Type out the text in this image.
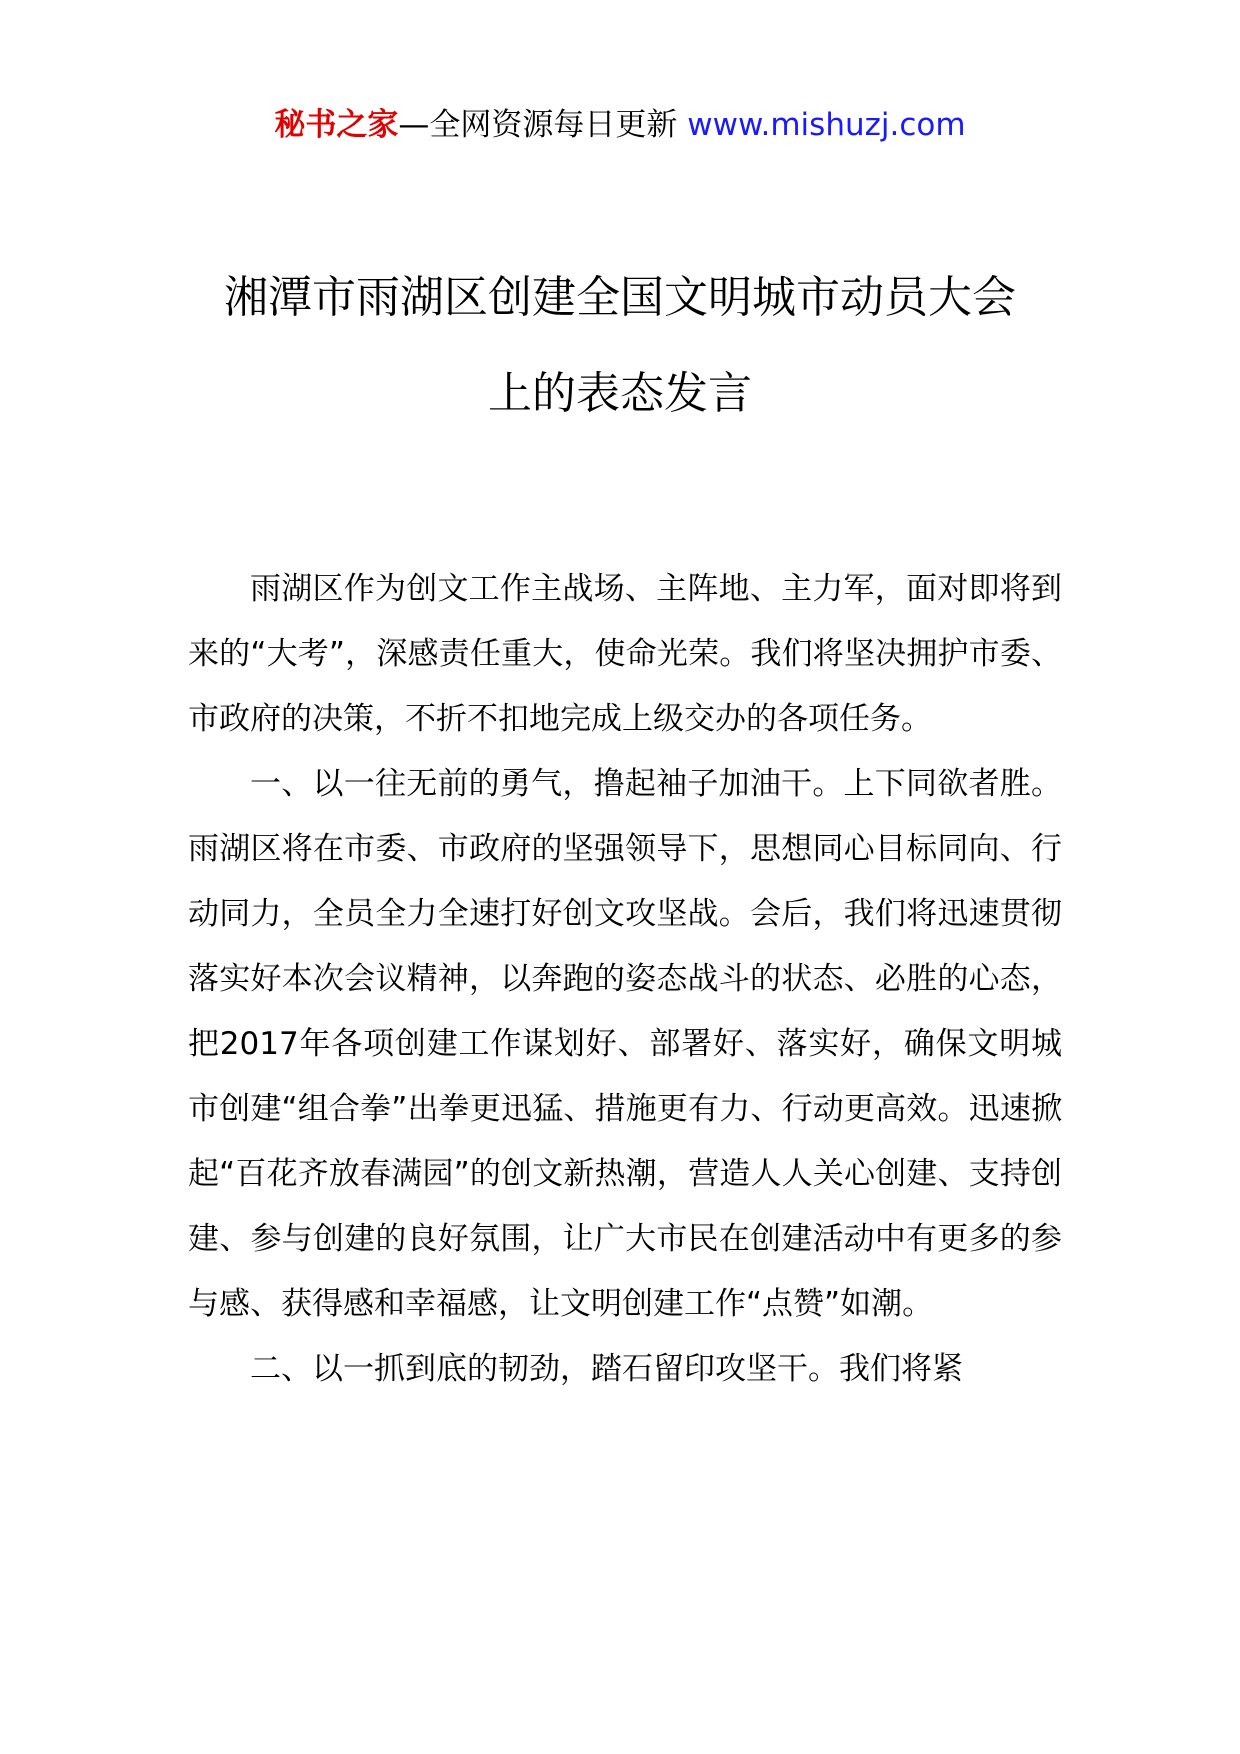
秘书之家—全网资源每日更新 www.mishuzj.com
湘潭市雨湖区创建全国文明城市动员大会
上的表态发言

雨湖区作为创文工作主战场、主阵地、主力军，面对即将到来的“大考”，深感责任重大，使命光荣。我们将坚决拥护市委、市政府的决策，不折不扣地完成上级交办的各项任务。

一、以一往无前的勇气，撸起袖子加油干。上下同欲者胜。雨湖区将在市委、市政府的坚强领导下，思想同心目标同向、行动同力，全员全力全速打好创文攻坚战。会后，我们将迅速贯彻落实好本次会议精神，以奔跑的姿态战斗的状态、必胜的心态，把2017年各项创建工作谋划好、部署好、落实好，确保文明城市创建“组合拳”出拳更迅猛、措施更有力、行动更高效。迅速掀起“百花齐放春满园”的创文新热潮，营造人人关心创建、支持创建、参与创建的良好氛围，让广大市民在创建活动中有更多的参与感、获得感和幸福感，让文明创建工作“点赞”如潮。

二、以一抓到底的韧劲，踏石留印攻坚干。我们将紧
